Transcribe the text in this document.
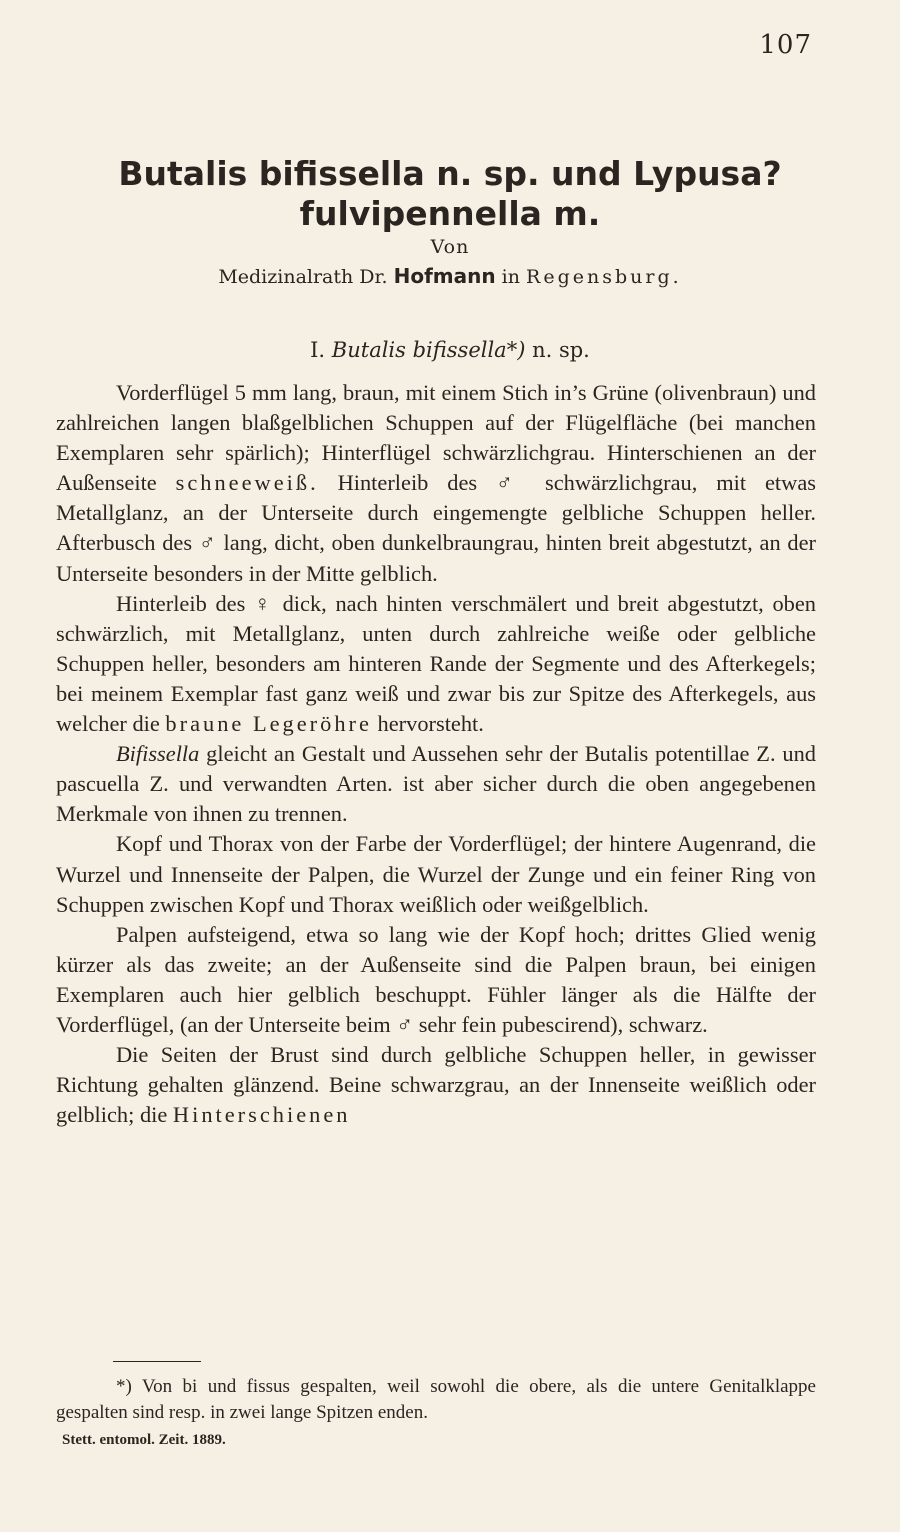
107
Butalis bifissella n. sp. und Lypusa?
fulvipennella m.
Von
Medizinalrath Dr. Hofmann in Regensburg.
I. Butalis bifissella*) n. sp.

Vorderflügel 5 mm lang, braun, mit einem Stich in’s Grüne (olivenbraun) und zahlreichen langen blaßgelblichen Schuppen auf der Flügelfläche (bei manchen Exemplaren sehr spärlich); Hinterflügel schwärzlichgrau. Hinterschienen an der Außenseite schneeweiß. Hinterleib des ♂ schwärzlichgrau, mit etwas Metallglanz, an der Unterseite durch eingemengte gelbliche Schuppen heller. Afterbusch des ♂ lang, dicht, oben dunkelbraungrau, hinten breit abgestutzt, an der Unterseite besonders in der Mitte gelblich.

Hinterleib des ♀ dick, nach hinten verschmälert und breit abgestutzt, oben schwärzlich, mit Metallglanz, unten durch zahlreiche weiße oder gelbliche Schuppen heller, besonders am hinteren Rande der Segmente und des Afterkegels; bei meinem Exemplar fast ganz weiß und zwar bis zur Spitze des Afterkegels, aus welcher die braune Legeröhre hervorsteht.

Bifissella gleicht an Gestalt und Aussehen sehr der Butalis potentillae Z. und pascuella Z. und verwandten Arten. ist aber sicher durch die oben angegebenen Merkmale von ihnen zu trennen.

Kopf und Thorax von der Farbe der Vorderflügel; der hintere Augenrand, die Wurzel und Innenseite der Palpen, die Wurzel der Zunge und ein feiner Ring von Schuppen zwischen Kopf und Thorax weißlich oder weißgelblich.

Palpen aufsteigend, etwa so lang wie der Kopf hoch; drittes Glied wenig kürzer als das zweite; an der Außenseite sind die Palpen braun, bei einigen Exemplaren auch hier gelblich beschuppt. Fühler länger als die Hälfte der Vorderflügel, (an der Unterseite beim ♂ sehr fein pubescirend), schwarz.

Die Seiten der Brust sind durch gelbliche Schuppen heller, in gewisser Richtung gehalten glänzend. Beine schwarzgrau, an der Innenseite weißlich oder gelblich; die Hinterschienen

*) Von bi und fissus gespalten, weil sowohl die obere, als die untere Genitalklappe gespalten sind resp. in zwei lange Spitzen enden.

Stett. entomol. Zeit. 1889.
